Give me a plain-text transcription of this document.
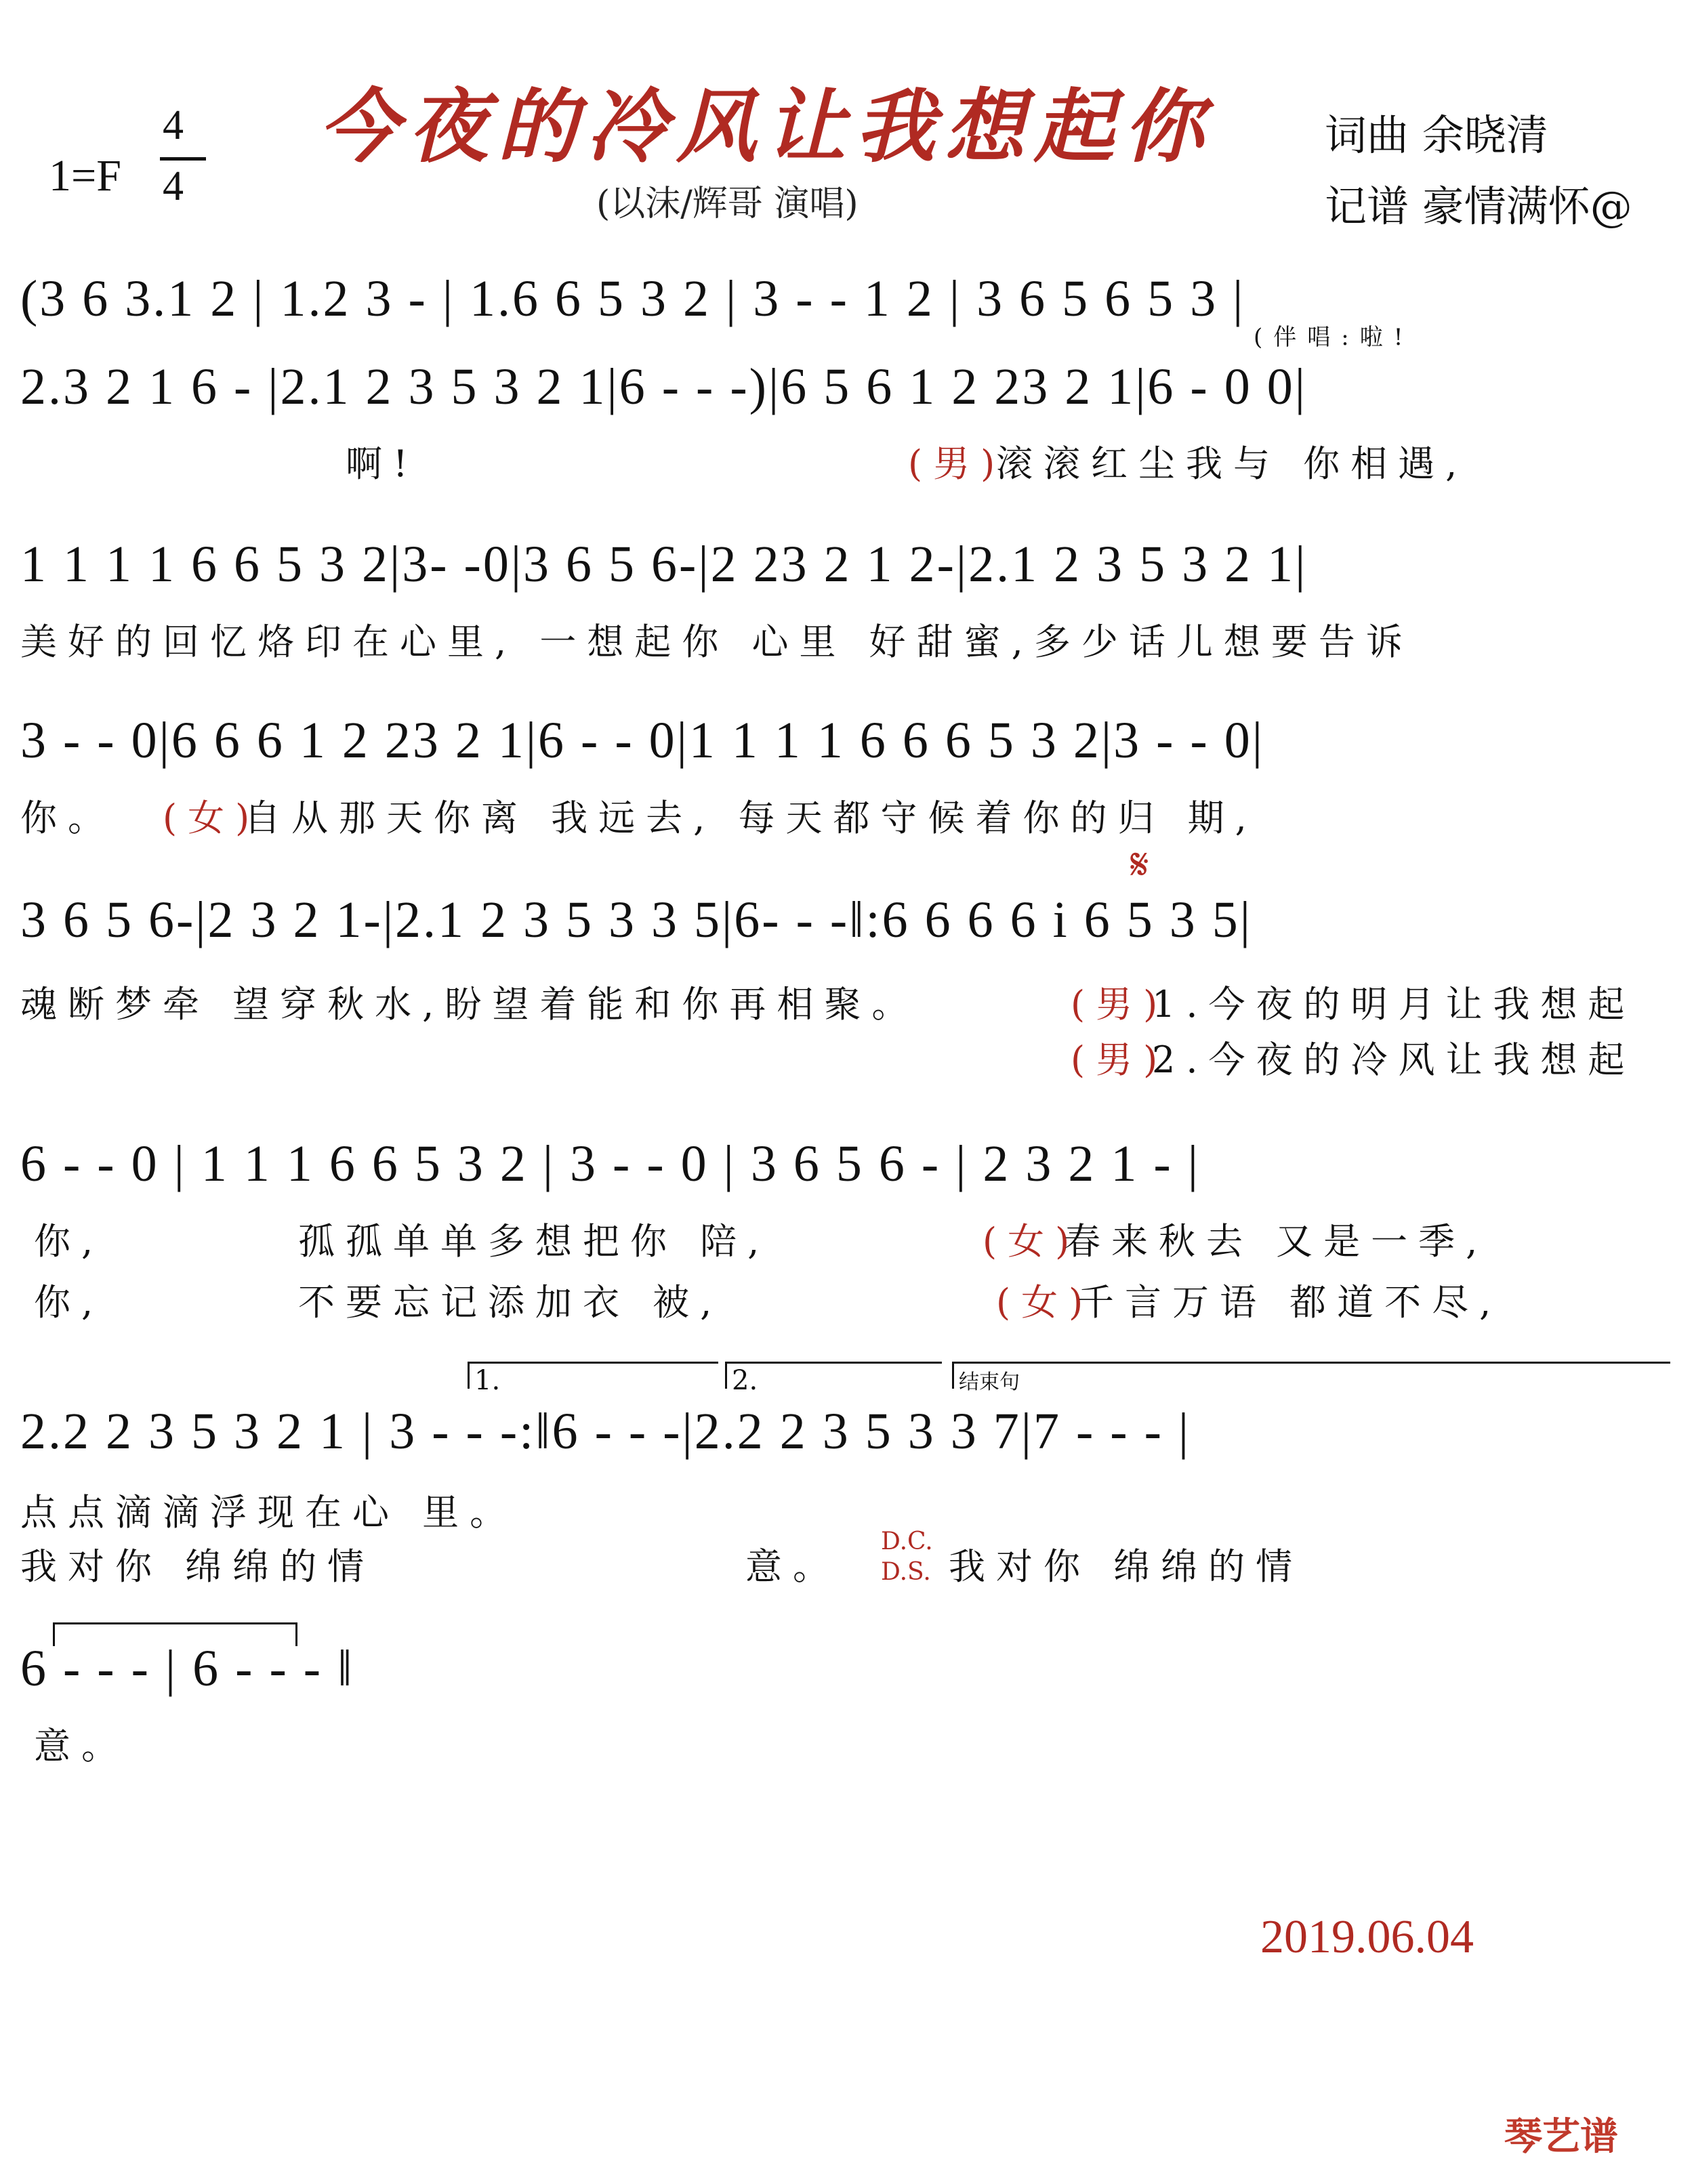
今夜的冷风让我想起你
(以沫/辉哥 演唱)
1=F
4
4
词曲 余晓清
记谱 豪情满怀@
(3 6 3.1 2 | 1.2 3 - | 1.6 6 5 3 2 | 3 - - 1 2 | 3 6 5 6 5 3 |
2.3 2 1 6 - |2.1 2 3 5 3 2 1|6 - - -)|6 5 6 1 2 23 2 1|6 - 0 0|
(伴唱:啦!
啊!	(男)
滚滚红尘我与 你相遇,
1 1 1 1 6 6 5 3 2|3- -0|3 6 5 6-|2 23 2 1 2-|2.1 2 3 5 3 2 1|
美好的回忆烙印在心里, 一想起你 心里 好甜蜜,多少话儿想要告诉
3 - - 0|6 6 6 1 2 23 2 1|6 - - 0|1 1 1 1 6 6 6 5 3 2|3 - - 0|
你。 (女)
自从那天你离 我远去, 每天都守候着你的归 期,
𝄋
3 6 5 6-|2 3 2 1-|2.1 2 3 5 3 3 5|6- - -‖:6 6 6 6 i 6 5 3 5|
魂断梦牵 望穿秋水,盼望着能和你再相聚。	(男)
1.今夜的明月让我想起
(男)
2.今夜的冷风让我想起
6 - - 0 | 1 1 1 6 6 5 3 2 | 3 - - 0 | 3 6 5 6 - | 2 3 2 1 - |
你,	孤孤单单多想把你 陪,	(女)
春来秋去 又是一季,
你,	不要忘记添加衣 被,	(女)
千言万语 都道不尽,
1.	2.	结束句
2.2 2 3 5 3 2 1 | 3 - - -:‖6 - - -|2.2 2 3 5 3 3 7|7 - - - |
点点滴滴浮现在心 里。
我对你 绵绵的情	意。
D.C.
D.S. 我对你 绵绵的情
6 - - - | 6 - - - ‖
意。
2019.06.04
琴艺谱
